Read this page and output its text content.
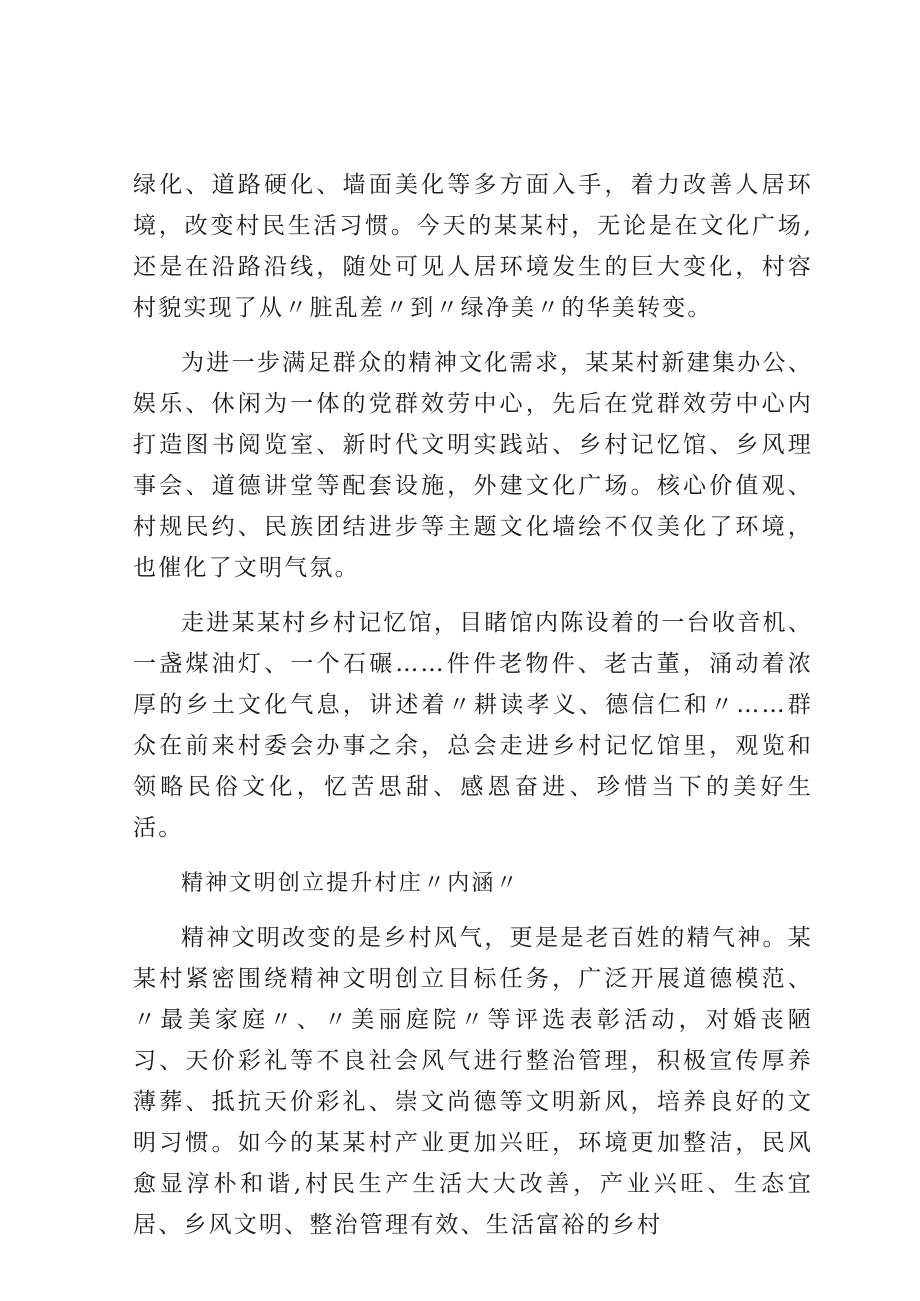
绿化、道路硬化、墙面美化等多方面入手，着力改善人居环境，改变村民生活习惯。今天的某某村，无论是在文化广场,还是在沿路沿线，随处可见人居环境发生的巨大变化，村容村貌实现了从〃脏乱差〃到〃绿净美〃的华美转变。

为进一步满足群众的精神文化需求，某某村新建集办公、娱乐、休闲为一体的党群效劳中心，先后在党群效劳中心内打造图书阅览室、新时代文明实践站、乡村记忆馆、乡风理事会、道德讲堂等配套设施，外建文化广场。核心价值观、村规民约、民族团结进步等主题文化墙绘不仅美化了环境，也催化了文明气氛。

走进某某村乡村记忆馆，目睹馆内陈设着的一台收音机、一盏煤油灯、一个石碾……件件老物件、老古董，涌动着浓厚的乡土文化气息，讲述着〃耕读孝义、德信仁和〃……群众在前来村委会办事之余，总会走进乡村记忆馆里，观览和领略民俗文化，忆苦思甜、感恩奋进、珍惜当下的美好生活。

精神文明创立提升村庄〃内涵〃

精神文明改变的是乡村风气，更是是老百姓的精气神。某某村紧密围绕精神文明创立目标任务，广泛开展道德模范、〃最美家庭〃、〃美丽庭院〃等评选表彰活动，对婚丧陋习、天价彩礼等不良社会风气进行整治管理，积极宣传厚养薄葬、抵抗天价彩礼、崇文尚德等文明新风，培养良好的文明习惯。如今的某某村产业更加兴旺，环境更加整洁，民风愈显淳朴和谐,村民生产生活大大改善，产业兴旺、生态宜居、乡风文明、整治管理有效、生活富裕的乡村
